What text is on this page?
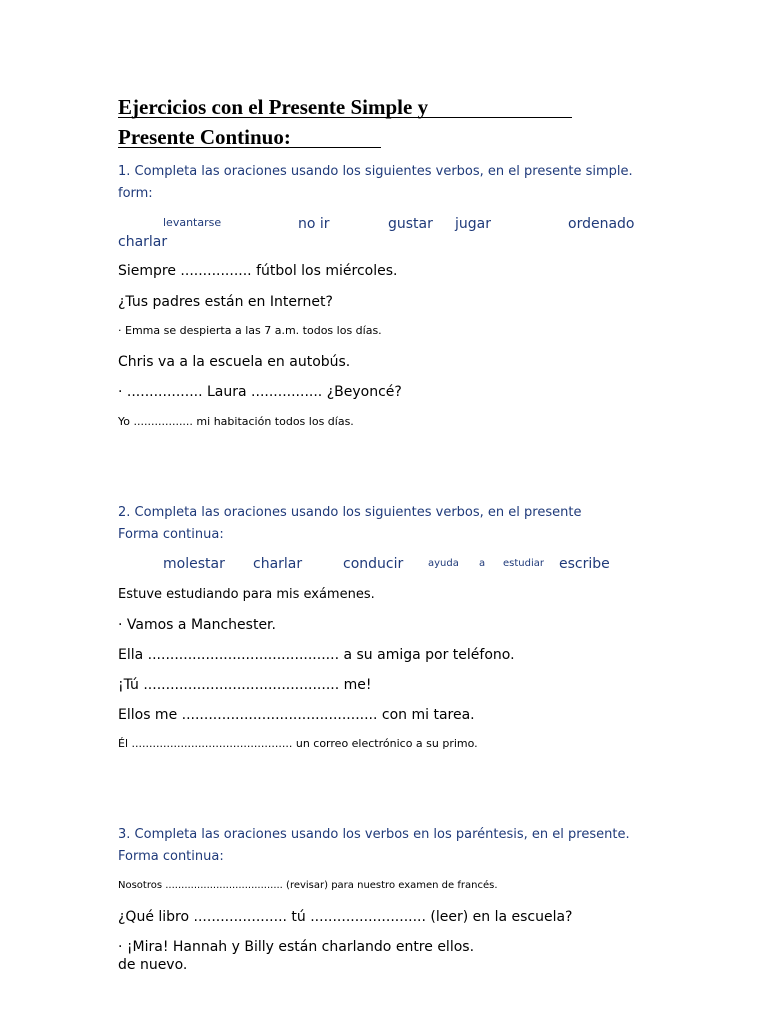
Ejercicios con el Presente Simple y
Presente Continuo:
1. Completa las oraciones usando los siguientes verbos, en el presente simple.
form:
levantarse	no ir	gustar jugar	ordenado
charlar
Siempre ................ fútbol los miércoles.
¿Tus padres están en Internet?
· Emma se despierta a las 7 a.m. todos los días.
Chris va a la escuela en autobús.
· ................. Laura ................ ¿Beyoncé?
Yo ................. mi habitación todos los días.
2. Completa las oraciones usando los siguientes verbos, en el presente
Forma continua:
molestar charlar	conducir ayuda a estudiar escribe
Estuve estudiando para mis exámenes.
· Vamos a Manchester.
Ella ........................................... a su amiga por teléfono.
¡Tú ............................................ me!
Ellos me ............................................ con mi tarea.
Él .............................................. un correo electrónico a su primo.
3. Completa las oraciones usando los verbos en los paréntesis, en el presente.
Forma continua:
Nosotros ..................................... (revisar) para nuestro examen de francés.
¿Qué libro ..................... tú .......................... (leer) en la escuela?
· ¡Mira! Hannah y Billy están charlando entre ellos.
de nuevo.
